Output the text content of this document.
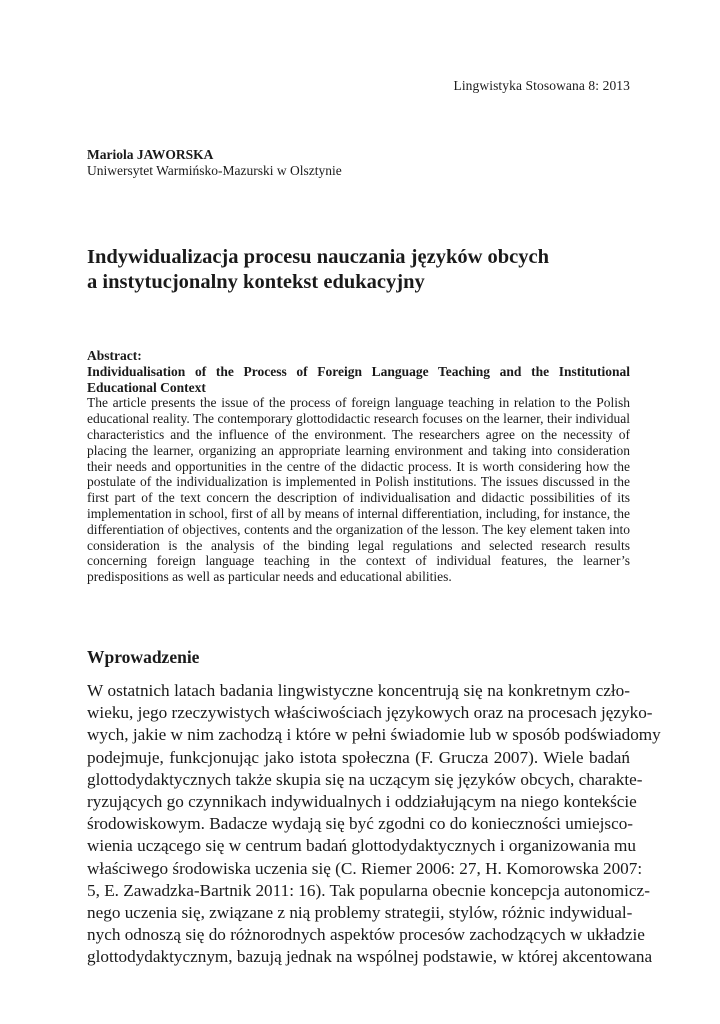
Lingwistyka Stosowana 8: 2013
Mariola JAWORSKA
Uniwersytet Warmińsko-Mazurski w Olsztynie
Indywidualizacja procesu nauczania języków obcych
a instytucjonalny kontekst edukacyjny
Abstract:
Individualisation of the Process of Foreign Language Teaching and the Institutional Educational Context

The article presents the issue of the process of foreign language teaching in relation to the Polish educational reality. The contemporary glottodidactic research focuses on the learner, their individual characteristics and the influence of the environment. The researchers agree on the necessity of placing the learner, organizing an appropriate learning environment and taking into consideration their needs and opportunities in the centre of the didactic process. It is worth considering how the postulate of the individualization is implemented in Polish institutions. The issues discussed in the first part of the text concern the description of individualisation and didactic possibilities of its implementation in school, first of all by means of internal differentiation, including, for instance, the differentiation of objectives, contents and the organization of the lesson. The key element taken into consideration is the analysis of the binding legal regulations and selected research results concerning foreign language teaching in the context of individual features, the learner’s predispositions as well as particular needs and educational abilities.

Wprowadzenie
W ostatnich latach badania lingwistyczne koncentrują się na konkretnym czło-
wieku, jego rzeczywistych właściwościach językowych oraz na procesach języko-
wych, jakie w nim zachodzą i które w pełni świadomie lub w sposób podświadomy
podejmuje, funkcjonując jako istota społeczna (F. Grucza 2007). Wiele badań
glottodydaktycznych także skupia się na uczącym się języków obcych, charakte-
ryzujących go czynnikach indywidualnych i oddziałującym na niego kontekście
środowiskowym. Badacze wydają się być zgodni co do konieczności umiejsco-
wienia uczącego się w centrum badań glottodydaktycznych i organizowania mu
właściwego środowiska uczenia się (C. Riemer 2006: 27, H. Komorowska 2007:
5, E. Zawadzka-Bartnik 2011: 16). Tak popularna obecnie koncepcja autonomicz-
nego uczenia się, związane z nią problemy strategii, stylów, różnic indywidual-
nych odnoszą się do różnorodnych aspektów procesów zachodzących w układzie
glottodydaktycznym, bazują jednak na wspólnej podstawie, w której akcentowana
